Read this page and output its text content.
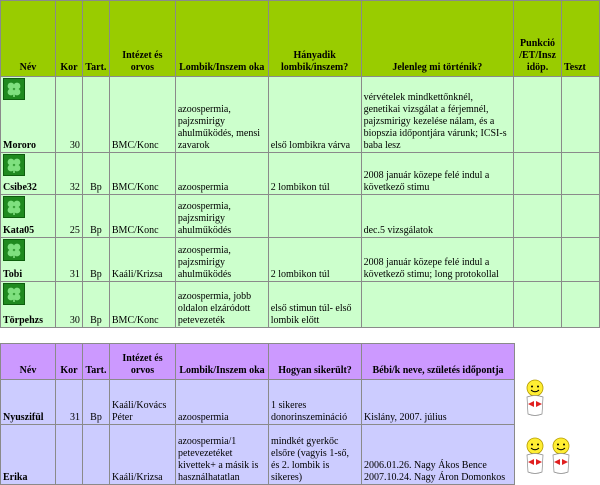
Név	Kor	Tart.	Intézet és orvos	Lombik/Inszem oka	Hányadik lombik/inszem?	Jelenleg mi történik?	Punkció /ET/Insz idöp.	Teszt

Mororo	30		BMC/Konc	azoospermia, pajzsmirigy ahulműködés, mensi zavarok	első lombikra várva	vérvételek mindkettőnknél, genetikai vizsgálat a férjemnél, pajzsmirigy kezelése nálam, és a biopszia időpontjára várunk; ICSI-s baba lesz		

Csibe32	32	Bp	BMC/Konc	azoospermia	2 lombikon túl	2008 január közepe felé indul a következő stimu		

Kata05	25	Bp	BMC/Konc	azoospermia, pajzsmirigy ahulműködés		dec.5 vizsgálatok		

Tobi	31	Bp	Kaáli/Krizsa	azoospermia, pajzsmirigy ahulműködés	2 lombikon túl	2008 január közepe felé indul a következő stimu; long protokollal		

Törpehzs	30	Bp	BMC/Konc	azoospermia, jobb oldalon elzáródott petevezeték	első stimun túl- első lombik előtt			
Név	Kor	Tart.	Intézet és orvos	Lombik/Inszem oka	Hogyan sikerült?	Bébi/k neve, születés időpontja
Nyuszifül	31	Bp	Kaáli/Kovács Péter	azoospermia	1 sikeres donorinszemináció	Kislány, 2007. július
Erika			Kaáli/Krizsa	azoospermia/1 petevezetéket kivettek+ a másik is használhatatlan	mindkét gyerkőc elsőre (vagyis 1-ső, és 2. lombik is sikeres)	2006.01.26. Nagy Ákos Bence 2007.10.24. Nagy Áron Domonkos
